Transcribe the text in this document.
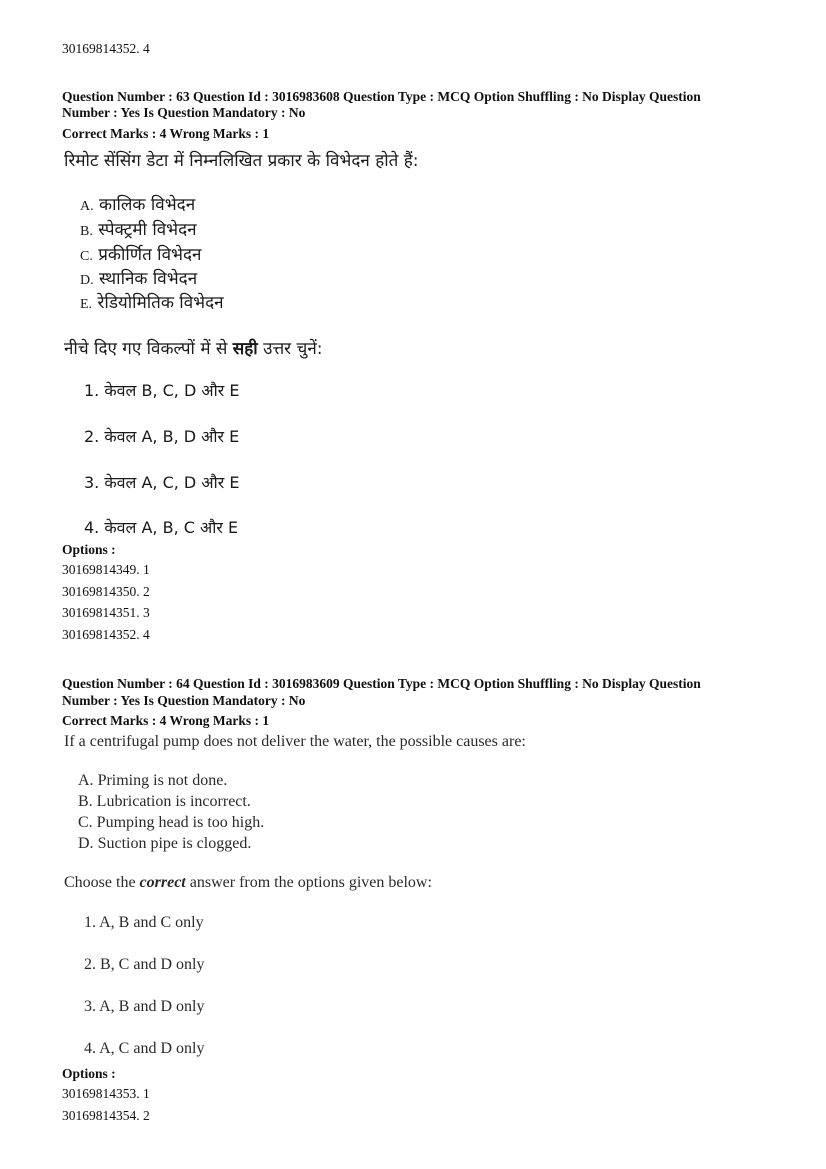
30169814352. 4
Question Number : 63 Question Id : 3016983608 Question Type : MCQ Option Shuffling : No Display Question
Number : Yes Is Question Mandatory : No
Correct Marks : 4 Wrong Marks : 1
रिमोट सेंसिंग डेटा में निम्नलिखित प्रकार के विभेदन होते हैं:
A. कालिक विभेदन
B. स्पेक्ट्रमी विभेदन
C. प्रकीर्णित विभेदन
D. स्थानिक विभेदन
E. रेडियोमितिक विभेदन
नीचे दिए गए विकल्पों में से सही उत्तर चुनें:
1. केवल B, C, D और E
2. केवल A, B, D और E
3. केवल A, C, D और E
4. केवल A, B, C और E
Options :
30169814349. 1
30169814350. 2
30169814351. 3
30169814352. 4
Question Number : 64 Question Id : 3016983609 Question Type : MCQ Option Shuffling : No Display Question
Number : Yes Is Question Mandatory : No
Correct Marks : 4 Wrong Marks : 1
If a centrifugal pump does not deliver the water, the possible causes are:
A. Priming is not done.
B. Lubrication is incorrect.
C. Pumping head is too high.
D. Suction pipe is clogged.
Choose the correct answer from the options given below:
1. A, B and C only
2. B, C and D only
3. A, B and D only
4. A, C and D only
Options :
30169814353. 1
30169814354. 2
